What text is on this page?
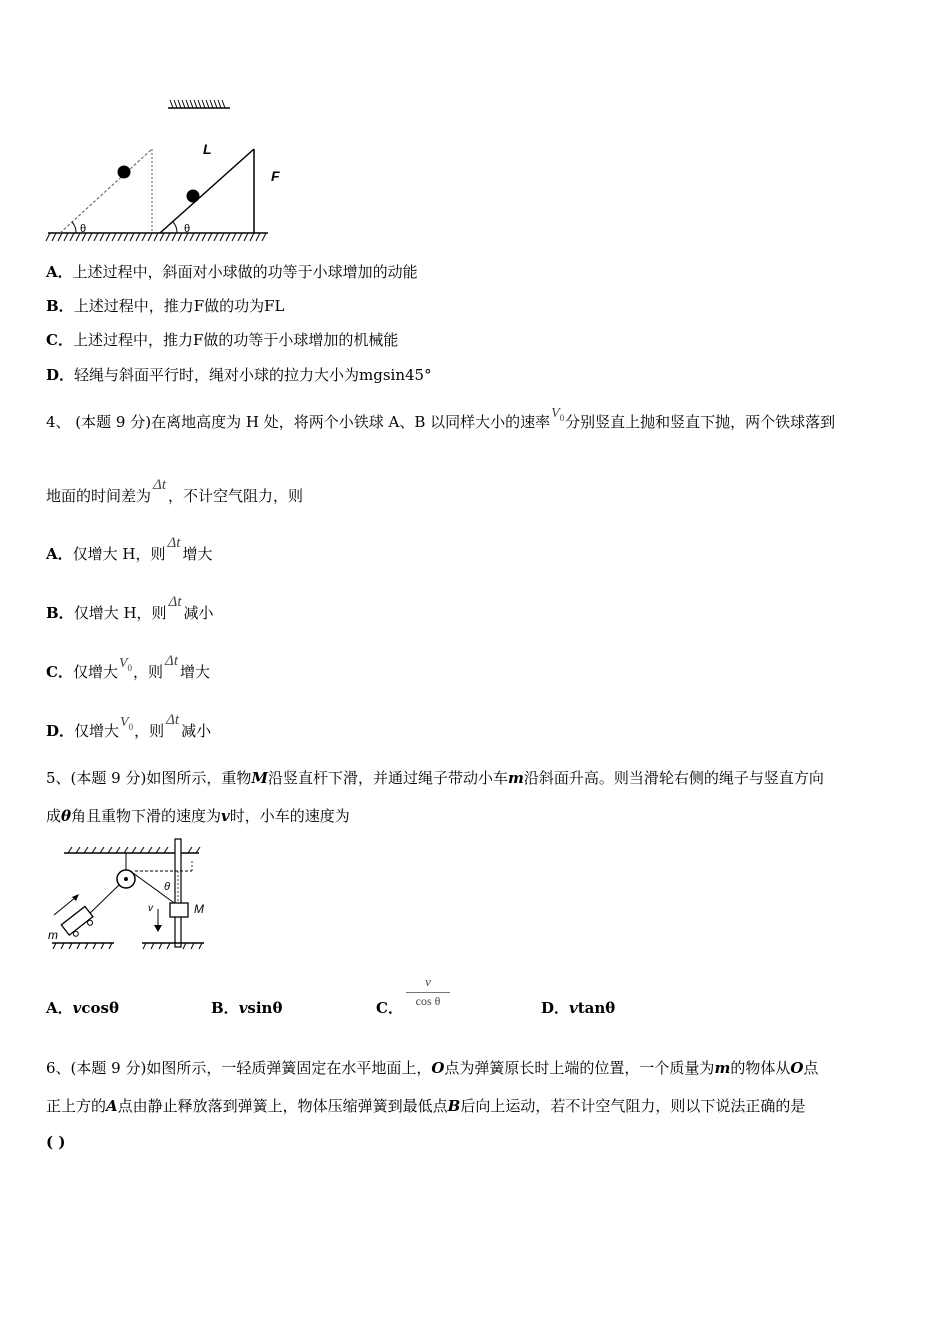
θ	θ
L
F
A．上述过程中，斜面对小球做的功等于小球增加的动能
B．上述过程中，推力F做的功为FL
C．上述过程中，推力F做的功等于小球增加的机械能
D．轻绳与斜面平行时，绳对小球的拉力大小为mgsin45°
4、 (本题 9 分)在离地高度为 H 处，将两个小铁球 A、B 以同样大小的速率$V_0$分别竖直上抛和竖直下抛，两个铁球落到
地面的时间差为Δt，不计空气阻力，则
A．仅增大 H，则Δt增大
B．仅增大 H，则Δt减小
C．仅增大$V_0$，则Δt增大
D．仅增大$V_0$，则Δt减小
5、(本题 9 分)如图所示，重物M沿竖直杆下滑，并通过绳子带动小车m沿斜面升高。则当滑轮右侧的绳子与竖直方向
成θ角且重物下滑的速度为v时，小车的速度为
θ
M
v
m
A．vcosθ	B．vsinθ	C．
v
cos θ	D．vtanθ
6、(本题 9 分)如图所示，一轻质弹簧固定在水平地面上，O点为弹簧原长时上端的位置，一个质量为m的物体从O点
正上方的A点由静止释放落到弹簧上，物体压缩弹簧到最低点B后向上运动，若不计空气阻力，则以下说法正确的是
( )
